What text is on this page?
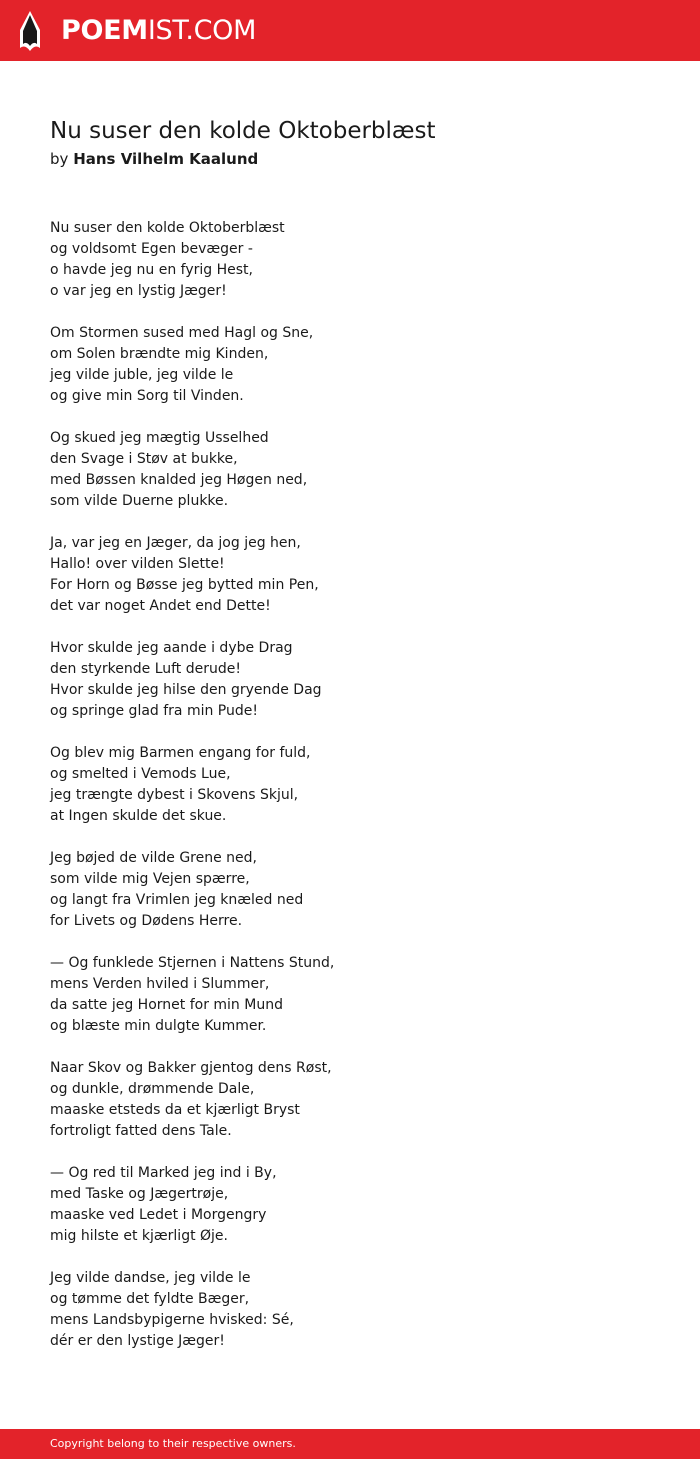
POEMIST.COM
Nu suser den kolde Oktoberblæst
by Hans Vilhelm Kaalund
Nu suser den kolde Oktoberblæst
og voldsomt Egen bevæger -
o havde jeg nu en fyrig Hest,
o var jeg en lystig Jæger!
Om Stormen sused med Hagl og Sne,
om Solen brændte mig Kinden,
jeg vilde juble, jeg vilde le
og give min Sorg til Vinden.
Og skued jeg mægtig Usselhed
den Svage i Støv at bukke,
med Bøssen knalded jeg Høgen ned,
som vilde Duerne plukke.
Ja, var jeg en Jæger, da jog jeg hen,
Hallo! over vilden Slette!
For Horn og Bøsse jeg bytted min Pen,
det var noget Andet end Dette!
Hvor skulde jeg aande i dybe Drag
den styrkende Luft derude!
Hvor skulde jeg hilse den gryende Dag
og springe glad fra min Pude!
Og blev mig Barmen engang for fuld,
og smelted i Vemods Lue,
jeg trængte dybest i Skovens Skjul,
at Ingen skulde det skue.
Jeg bøjed de vilde Grene ned,
som vilde mig Vejen spærre,
og langt fra Vrimlen jeg knæled ned
for Livets og Dødens Herre.
— Og funklede Stjernen i Nattens Stund,
mens Verden hviled i Slummer,
da satte jeg Hornet for min Mund
og blæste min dulgte Kummer.
Naar Skov og Bakker gjentog dens Røst,
og dunkle, drømmende Dale,
maaske etsteds da et kjærligt Bryst
fortroligt fatted dens Tale.
— Og red til Marked jeg ind i By,
med Taske og Jægertrøje,
maaske ved Ledet i Morgengry
mig hilste et kjærligt Øje.
Jeg vilde dandse, jeg vilde le
og tømme det fyldte Bæger,
mens Landsbypigerne hvisked: Sé,
dér er den lystige Jæger!
Copyright belong to their respective owners.
